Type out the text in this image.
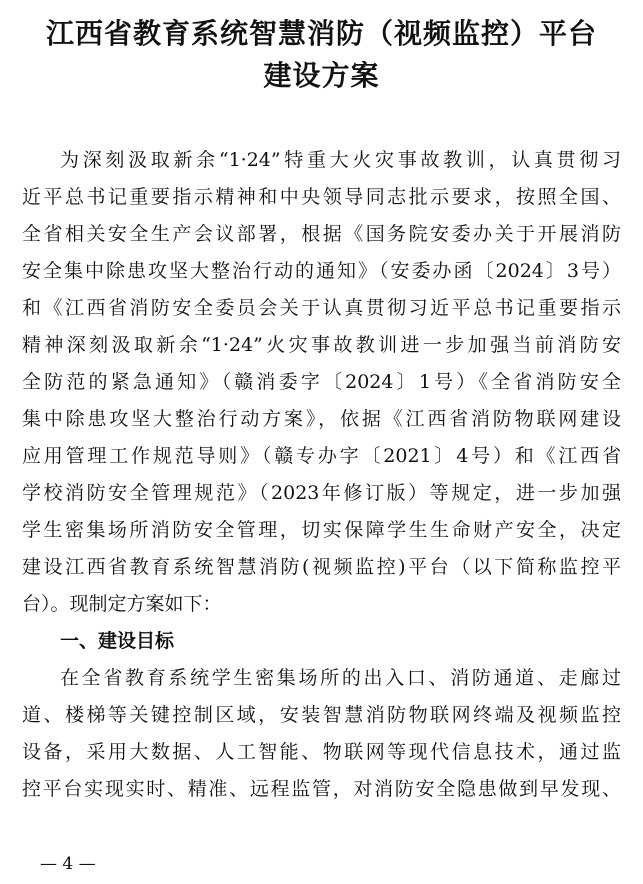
江西省教育系统智慧消防（视频监控）平台
建设方案
为深刻汲取新余“1·24”特重大火灾事故教训，认真贯彻习
近平总书记重要指示精神和中央领导同志批示要求，按照全国、
全省相关安全生产会议部署，根据《国务院安委办关于开展消防
安全集中除患攻坚大整治行动的通知》（安委办函〔2024〕3号）
和《江西省消防安全委员会关于认真贯彻习近平总书记重要指示
精神深刻汲取新余“1·24”火灾事故教训进一步加强当前消防安
全防范的紧急通知》（赣消委字〔2024〕1号）《全省消防安全
集中除患攻坚大整治行动方案》，依据《江西省消防物联网建设
应用管理工作规范导则》（赣专办字〔2021〕4号）和《江西省
学校消防安全管理规范》（2023年修订版）等规定，进一步加强
学生密集场所消防安全管理，切实保障学生生命财产安全，决定
建设江西省教育系统智慧消防(视频监控)平台（以下简称监控平
台）。现制定方案如下：
一、建设目标
在全省教育系统学生密集场所的出入口、消防通道、走廊过
道、楼梯等关键控制区域，安装智慧消防物联网终端及视频监控
设备，采用大数据、人工智能、物联网等现代信息技术，通过监
控平台实现实时、精准、远程监管，对消防安全隐患做到早发现、
— 4 —
